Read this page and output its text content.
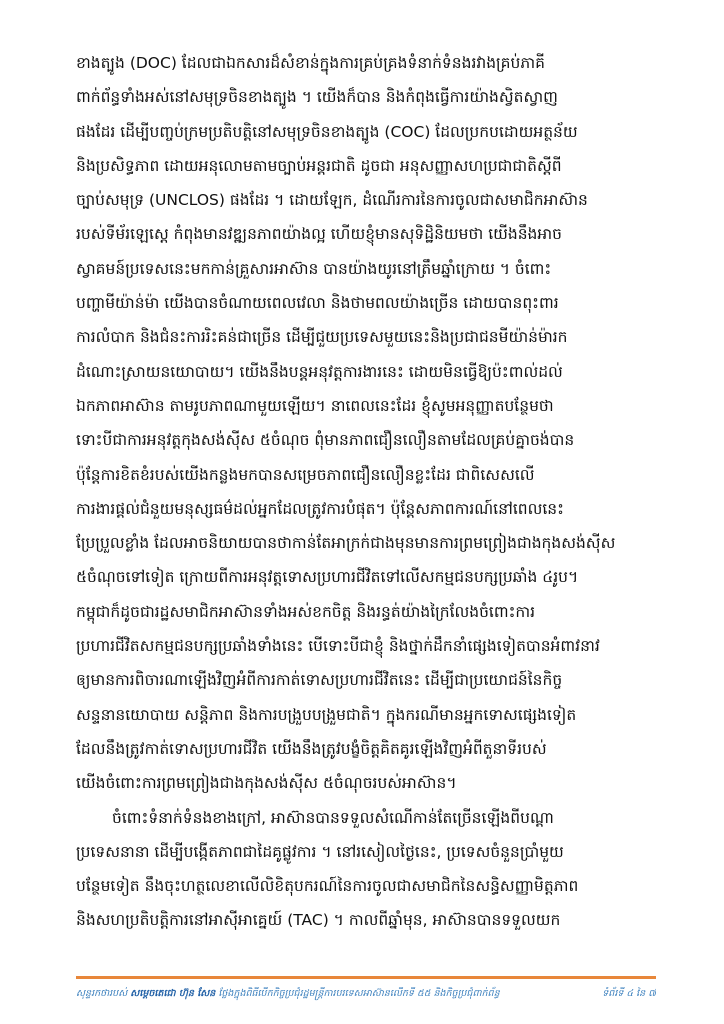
ខាងត្បូង (DOC) ដែលជាឯកសារដ៏សំខាន់ក្នុងការគ្រប់គ្រងទំនាក់ទំនងរវាងគ្រប់ភាគី
ពាក់ព័ន្ធទាំងអស់នៅសមុទ្រចិនខាងត្បូង ។ យើងក៏បាន និងកំពុងធ្វើការយ៉ាងស្វិតស្វាញ
ផងដែរ ដើម្បីបញ្ចប់ក្រមប្រតិបត្តិនៅសមុទ្រចិនខាងត្បូង (COC) ដែលប្រកបដោយអត្ថន័យ
និងប្រសិទ្ធភាព ដោយអនុលោមតាមច្បាប់អន្តរជាតិ ដូចជា អនុសញ្ញាសហប្រជាជាតិស្តីពី
ច្បាប់សមុទ្រ (UNCLOS) ផងដែរ ។ ដោយឡែក, ដំណើរការនៃការចូលជាសមាជិកអាស៊ាន
របស់ទីម័រឡេស្តេ កំពុងមានវឌ្ឍនភាពយ៉ាងល្អ ហើយខ្ញុំមានសុទិដ្ឋិនិយមថា យើងនឹងអាច
ស្វាគមន៍ប្រទេសនេះមកកាន់គ្រួសារអាស៊ាន បានយ៉ាងយូរនៅត្រឹមឆ្នាំក្រោយ ។ ចំពោះ
បញ្ហាមីយ៉ាន់ម៉ា យើងបានចំណាយពេលវេលា និងថាមពលយ៉ាងច្រើន ដោយបានពុះពារ
ការលំបាក និងជំនះការរិះគន់ជាច្រើន ដើម្បីជួយប្រទេសមួយនេះនិងប្រជាជនមីយ៉ាន់ម៉ារក
ដំណោះស្រាយនយោបាយ។ យើងនឹងបន្តអនុវត្តការងារនេះ ដោយមិនធ្វើឱ្យប៉ះពាល់ដល់
ឯកភាពអាស៊ាន តាមរូបភាពណាមួយឡើយ។ នាពេលនេះដែរ ខ្ញុំសូមអនុញ្ញាតបន្ថែមថា
ទោះបីជាការអនុវត្តកុងសង់ស៊ីស ៥ចំណុច ពុំមានភាពជឿនលឿនតាមដែលគ្រប់គ្នាចង់បាន
ប៉ុន្តែការខិតខំរបស់យើងកន្លងមកបានសម្រេចភាពជឿនលឿនខ្លះដែរ ជាពិសេសលើ
ការងារផ្តល់ជំនួយមនុស្សធម៌ដល់អ្នកដែលត្រូវការបំផុត។ ប៉ុន្តែសភាពការណ៍នៅពេលនេះ
ប្រែប្រួលខ្លាំង ដែលអាចនិយាយបានថាកាន់តែអាក្រក់ជាងមុនមានការព្រមព្រៀងជាងកុងសង់ស៊ីស
៥ចំណុចទៅទៀត ក្រោយពីការអនុវត្តទោសប្រហារជីវិតទៅលើសកម្មជនបក្សប្រឆាំង ៤រូប។
កម្ពុជាក៏ដូចជារដ្ឋសមាជិកអាស៊ានទាំងអស់ខកចិត្ត និងរន្ធត់យ៉ាងក្រៃលែងចំពោះការ
ប្រហារជីវិតសកម្មជនបក្សប្រឆាំងទាំងនេះ បើទោះបីជាខ្ញុំ និងថ្នាក់ដឹកនាំផ្សេងទៀតបានអំពាវនាវ
ឲ្យមានការពិចារណាឡើងវិញអំពីការកាត់ទោសប្រហារជីវិតនេះ ដើម្បីជាប្រយោជន៍នៃកិច្ច
សន្ទនានយោបាយ សន្តិភាព និងការបង្រួបបង្រួមជាតិ។ ក្នុងករណីមានអ្នកទោសផ្សេងទៀត
ដែលនឹងត្រូវកាត់ទោសប្រហារជីវិត យើងនឹងត្រូវបង្ខំចិត្តគិតគូរឡើងវិញអំពីតួនាទីរបស់
យើងចំពោះការព្រមព្រៀងជាងកុងសង់ស៊ីស ៥ចំណុចរបស់អាស៊ាន។
ចំពោះទំនាក់ទំនងខាងក្រៅ, អាស៊ានបានទទួលសំណើកាន់តែច្រើនឡើងពីបណ្តា
ប្រទេសនានា ដើម្បីបង្កើតភាពជាដៃគូផ្លូវការ ។ នៅរសៀលថ្ងៃនេះ, ប្រទេសចំនួនប្រាំមួយ
បន្ថែមទៀត នឹងចុះហត្ថលេខាលើលិខិតុបករណ៍នៃការចូលជាសមាជិកនៃសន្ធិសញ្ញាមិត្តភាព
និងសហប្រតិបត្តិការនៅអាស៊ីអាគ្នេយ៍ (TAC) ។ កាលពីឆ្នាំមុន, អាស៊ានបានទទួលយក
សុន្ទរកថារបស់ សម្តេចតេជោ ហ៊ុន សែន ថ្លែងក្នុងពិធីបើកកិច្ចប្រជុំរដ្ឋមន្ត្រីការបរទេសអាស៊ានលើកទី ៥៥ និងកិច្ចប្រជុំពាក់ព័ន្ធ	ទំព័រទី ៤ នៃ ៧
